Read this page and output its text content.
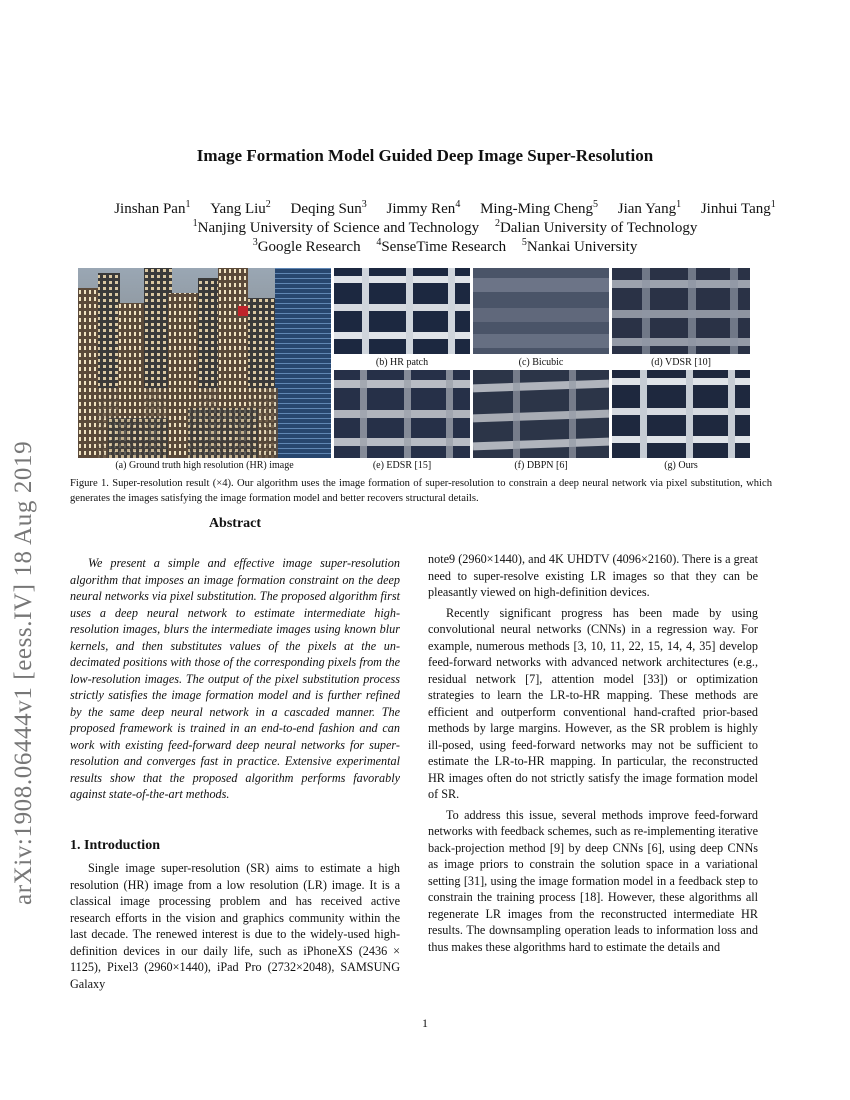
arXiv:1908.06444v1 [eess.IV] 18 Aug 2019
Image Formation Model Guided Deep Image Super-Resolution
Jinshan Pan$^1$ Yang Liu$^2$ Deqing Sun$^3$ Jimmy Ren$^4$ Ming-Ming Cheng$^5$ Jian Yang$^1$ Jinhui Tang$^1$
$^1$Nanjing University of Science and Technology $^2$Dalian University of Technology
$^3$Google Research $^4$SenseTime Research $^5$Nankai University
(a) Ground truth high resolution (HR) image
(b) HR patch	(c) Bicubic	(d) VDSR [10]
(e) EDSR [15]	(f) DBPN [6]	(g) Ours
Figure 1. Super-resolution result (×4). Our algorithm uses the image formation of super-resolution to constrain a deep neural network via pixel substitution, which generates the images satisfying the image formation model and better recovers structural details.
Abstract
We present a simple and effective image super-resolution algorithm that imposes an image formation constraint on the deep neural networks via pixel substitution. The proposed algorithm first uses a deep neural network to estimate intermediate high-resolution images, blurs the intermediate images using known blur kernels, and then substitutes values of the pixels at the un-decimated positions with those of the corresponding pixels from the low-resolution images. The output of the pixel substitution process strictly satisfies the image formation model and is further refined by the same deep neural network in a cascaded manner. The proposed framework is trained in an end-to-end fashion and can work with existing feed-forward deep neural networks for super-resolution and converges fast in practice. Extensive experimental results show that the proposed algorithm performs favorably against state-of-the-art methods.
1. Introduction

Single image super-resolution (SR) aims to estimate a high resolution (HR) image from a low resolution (LR) image. It is a classical image processing problem and has received active research efforts in the vision and graphics community within the last decade. The renewed interest is due to the widely-used high-definition devices in our daily life, such as iPhoneXS (2436 × 1125), Pixel3 (2960×1440), iPad Pro (2732×2048), SAMSUNG Galaxy

note9 (2960×1440), and 4K UHDTV (4096×2160). There is a great need to super-resolve existing LR images so that they can be pleasantly viewed on high-definition devices.

Recently significant progress has been made by using convolutional neural networks (CNNs) in a regression way. For example, numerous methods [3, 10, 11, 22, 15, 14, 4, 35] develop feed-forward networks with advanced network architectures (e.g., residual network [7], attention model [33]) or optimization strategies to learn the LR-to-HR mapping. These methods are efficient and outperform conventional hand-crafted prior-based methods by large margins. However, as the SR problem is highly ill-posed, using feed-forward networks may not be sufficient to estimate the LR-to-HR mapping. In particular, the reconstructed HR images often do not strictly satisfy the image formation model of SR.

To address this issue, several methods improve feed-forward networks with feedback schemes, such as re-implementing iterative back-projection method [9] by deep CNNs [6], using deep CNNs as image priors to constrain the solution space in a variational setting [31], using the image formation model in a feedback step to constrain the training process [18]. However, these algorithms all regenerate LR images from the reconstructed intermediate HR results. The downsampling operation leads to information loss and thus makes these algorithms hard to estimate the details and

1
